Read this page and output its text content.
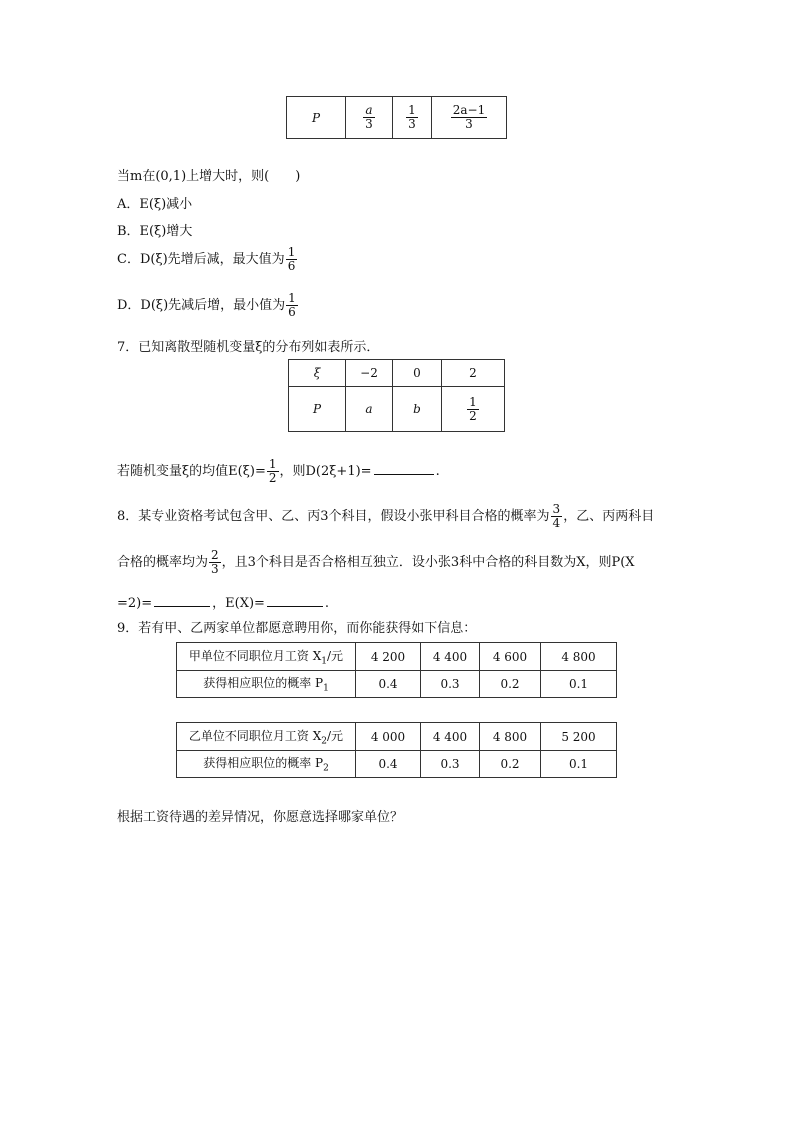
P	$\frac{a}{3}$	$\frac{1}{3}$	$\frac{2a-1}{3}$
当m在(0,1)上增大时，则(　　)
A．E(ξ)减小
B．E(ξ)增大
C．D(ξ)先增后减，最大值为 $\frac{1}{6}$
D．D(ξ)先减后增，最小值为 $\frac{1}{6}$
7．已知离散型随机变量ξ的分布列如表所示．
ξ	−2	0	2
P	a	b	$\frac{1}{2}$
若随机变量ξ的均值$E(\xi)= \frac{1}{2}$ ，则D(2ξ+1)=	.
8．某专业资格考试包含甲、乙、丙3个科目，假设小张甲科目合格的概率为 $\frac{3}{4}$ ，乙、丙两科目
合格的概率均为 $\frac{2}{3}$ ，且3个科目是否合格相互独立．设小张3科中合格的科目数为X，则P(X
=2)=	，E(X)=	.
9．若有甲、乙两家单位都愿意聘用你，而你能获得如下信息：
甲单位不同职位月工资 $X_1/$元	4 200	4 400	4 600	4 800
获得相应职位的概率 $P_1$	0.4	0.3	0.2	0.1
乙单位不同职位月工资 $X_2/$元	4 000	4 400	4 800	5 200
获得相应职位的概率 $P_2$	0.4	0.3	0.2	0.1
根据工资待遇的差异情况，你愿意选择哪家单位？
